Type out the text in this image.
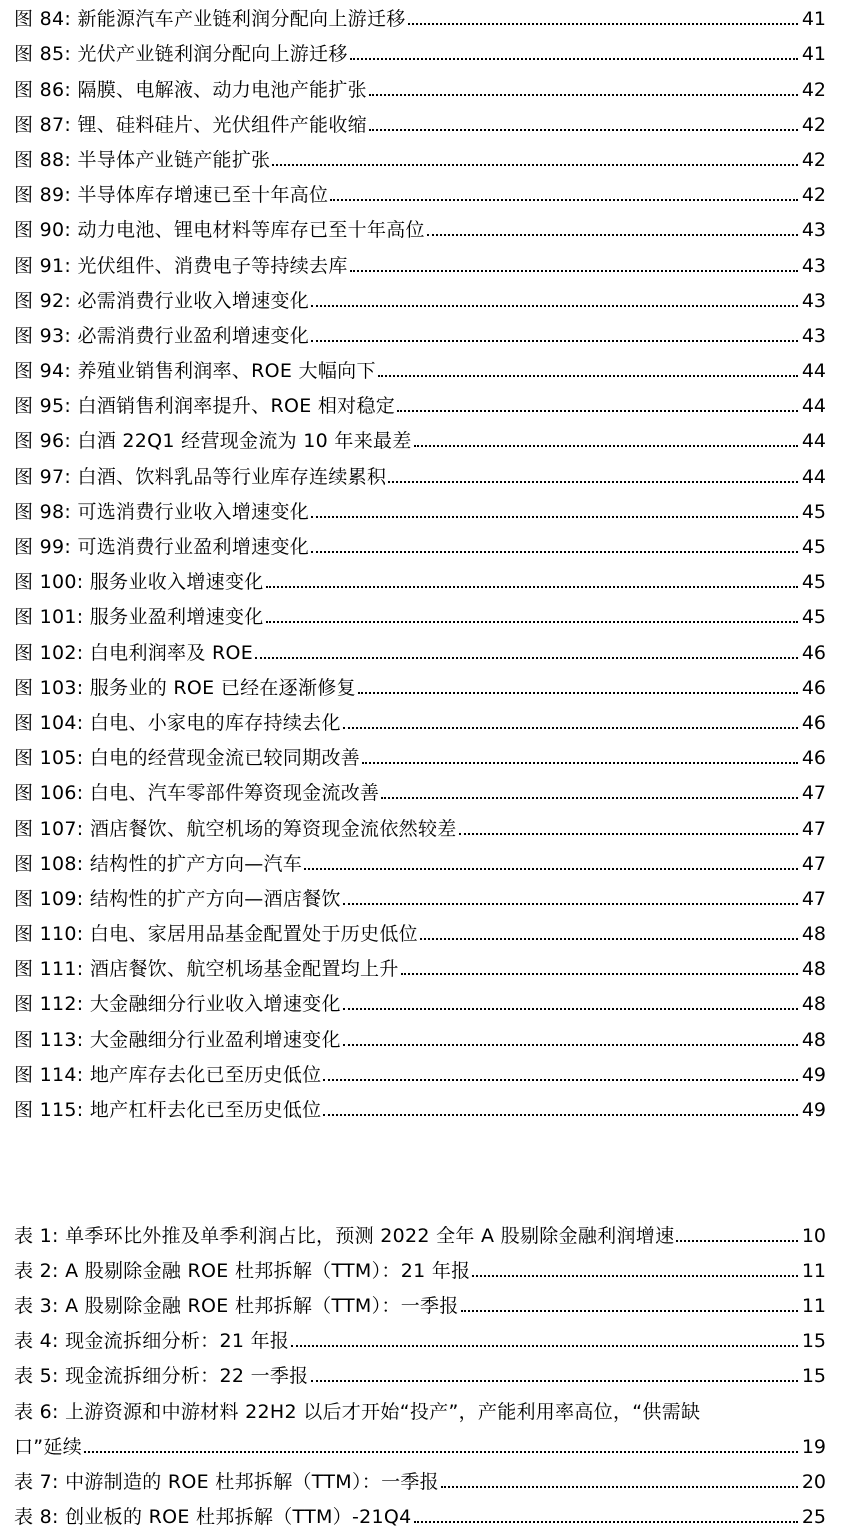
图 84: 新能源汽车产业链利润分配向上游迁移	41
图 85: 光伏产业链利润分配向上游迁移	41
图 86: 隔膜、电解液、动力电池产能扩张	42
图 87: 锂、硅料硅片、光伏组件产能收缩	42
图 88: 半导体产业链产能扩张	42
图 89: 半导体库存增速已至十年高位	42
图 90: 动力电池、锂电材料等库存已至十年高位	43
图 91: 光伏组件、消费电子等持续去库	43
图 92: 必需消费行业收入增速变化	43
图 93: 必需消费行业盈利增速变化	43
图 94: 养殖业销售利润率、ROE 大幅向下	44
图 95: 白酒销售利润率提升、ROE 相对稳定	44
图 96: 白酒 22Q1 经营现金流为 10 年来最差	44
图 97: 白酒、饮料乳品等行业库存连续累积	44
图 98: 可选消费行业收入增速变化	45
图 99: 可选消费行业盈利增速变化	45
图 100: 服务业收入增速变化	45
图 101: 服务业盈利增速变化	45
图 102: 白电利润率及 ROE	46
图 103: 服务业的 ROE 已经在逐渐修复	46
图 104: 白电、小家电的库存持续去化	46
图 105: 白电的经营现金流已较同期改善	46
图 106: 白电、汽车零部件筹资现金流改善	47
图 107: 酒店餐饮、航空机场的筹资现金流依然较差	47
图 108: 结构性的扩产方向—汽车	47
图 109: 结构性的扩产方向—酒店餐饮	47
图 110: 白电、家居用品基金配置处于历史低位	48
图 111: 酒店餐饮、航空机场基金配置均上升	48
图 112: 大金融细分行业收入增速变化	48
图 113: 大金融细分行业盈利增速变化	48
图 114: 地产库存去化已至历史低位	49
图 115: 地产杠杆去化已至历史低位	49
表 1: 单季环比外推及单季利润占比，预测 2022 全年 A 股剔除金融利润增速	10
表 2: A 股剔除金融 ROE 杜邦拆解（TTM）：21 年报	11
表 3: A 股剔除金融 ROE 杜邦拆解（TTM）：一季报	11
表 4: 现金流拆细分析：21 年报	15
表 5: 现金流拆细分析：22 一季报	15
表 6: 上游资源和中游材料 22H2 以后才开始“投产”，产能利用率高位，“供需缺
口”延续	19
表 7: 中游制造的 ROE 杜邦拆解（TTM）：一季报	20
表 8: 创业板的 ROE 杜邦拆解（TTM）-21Q4	25
